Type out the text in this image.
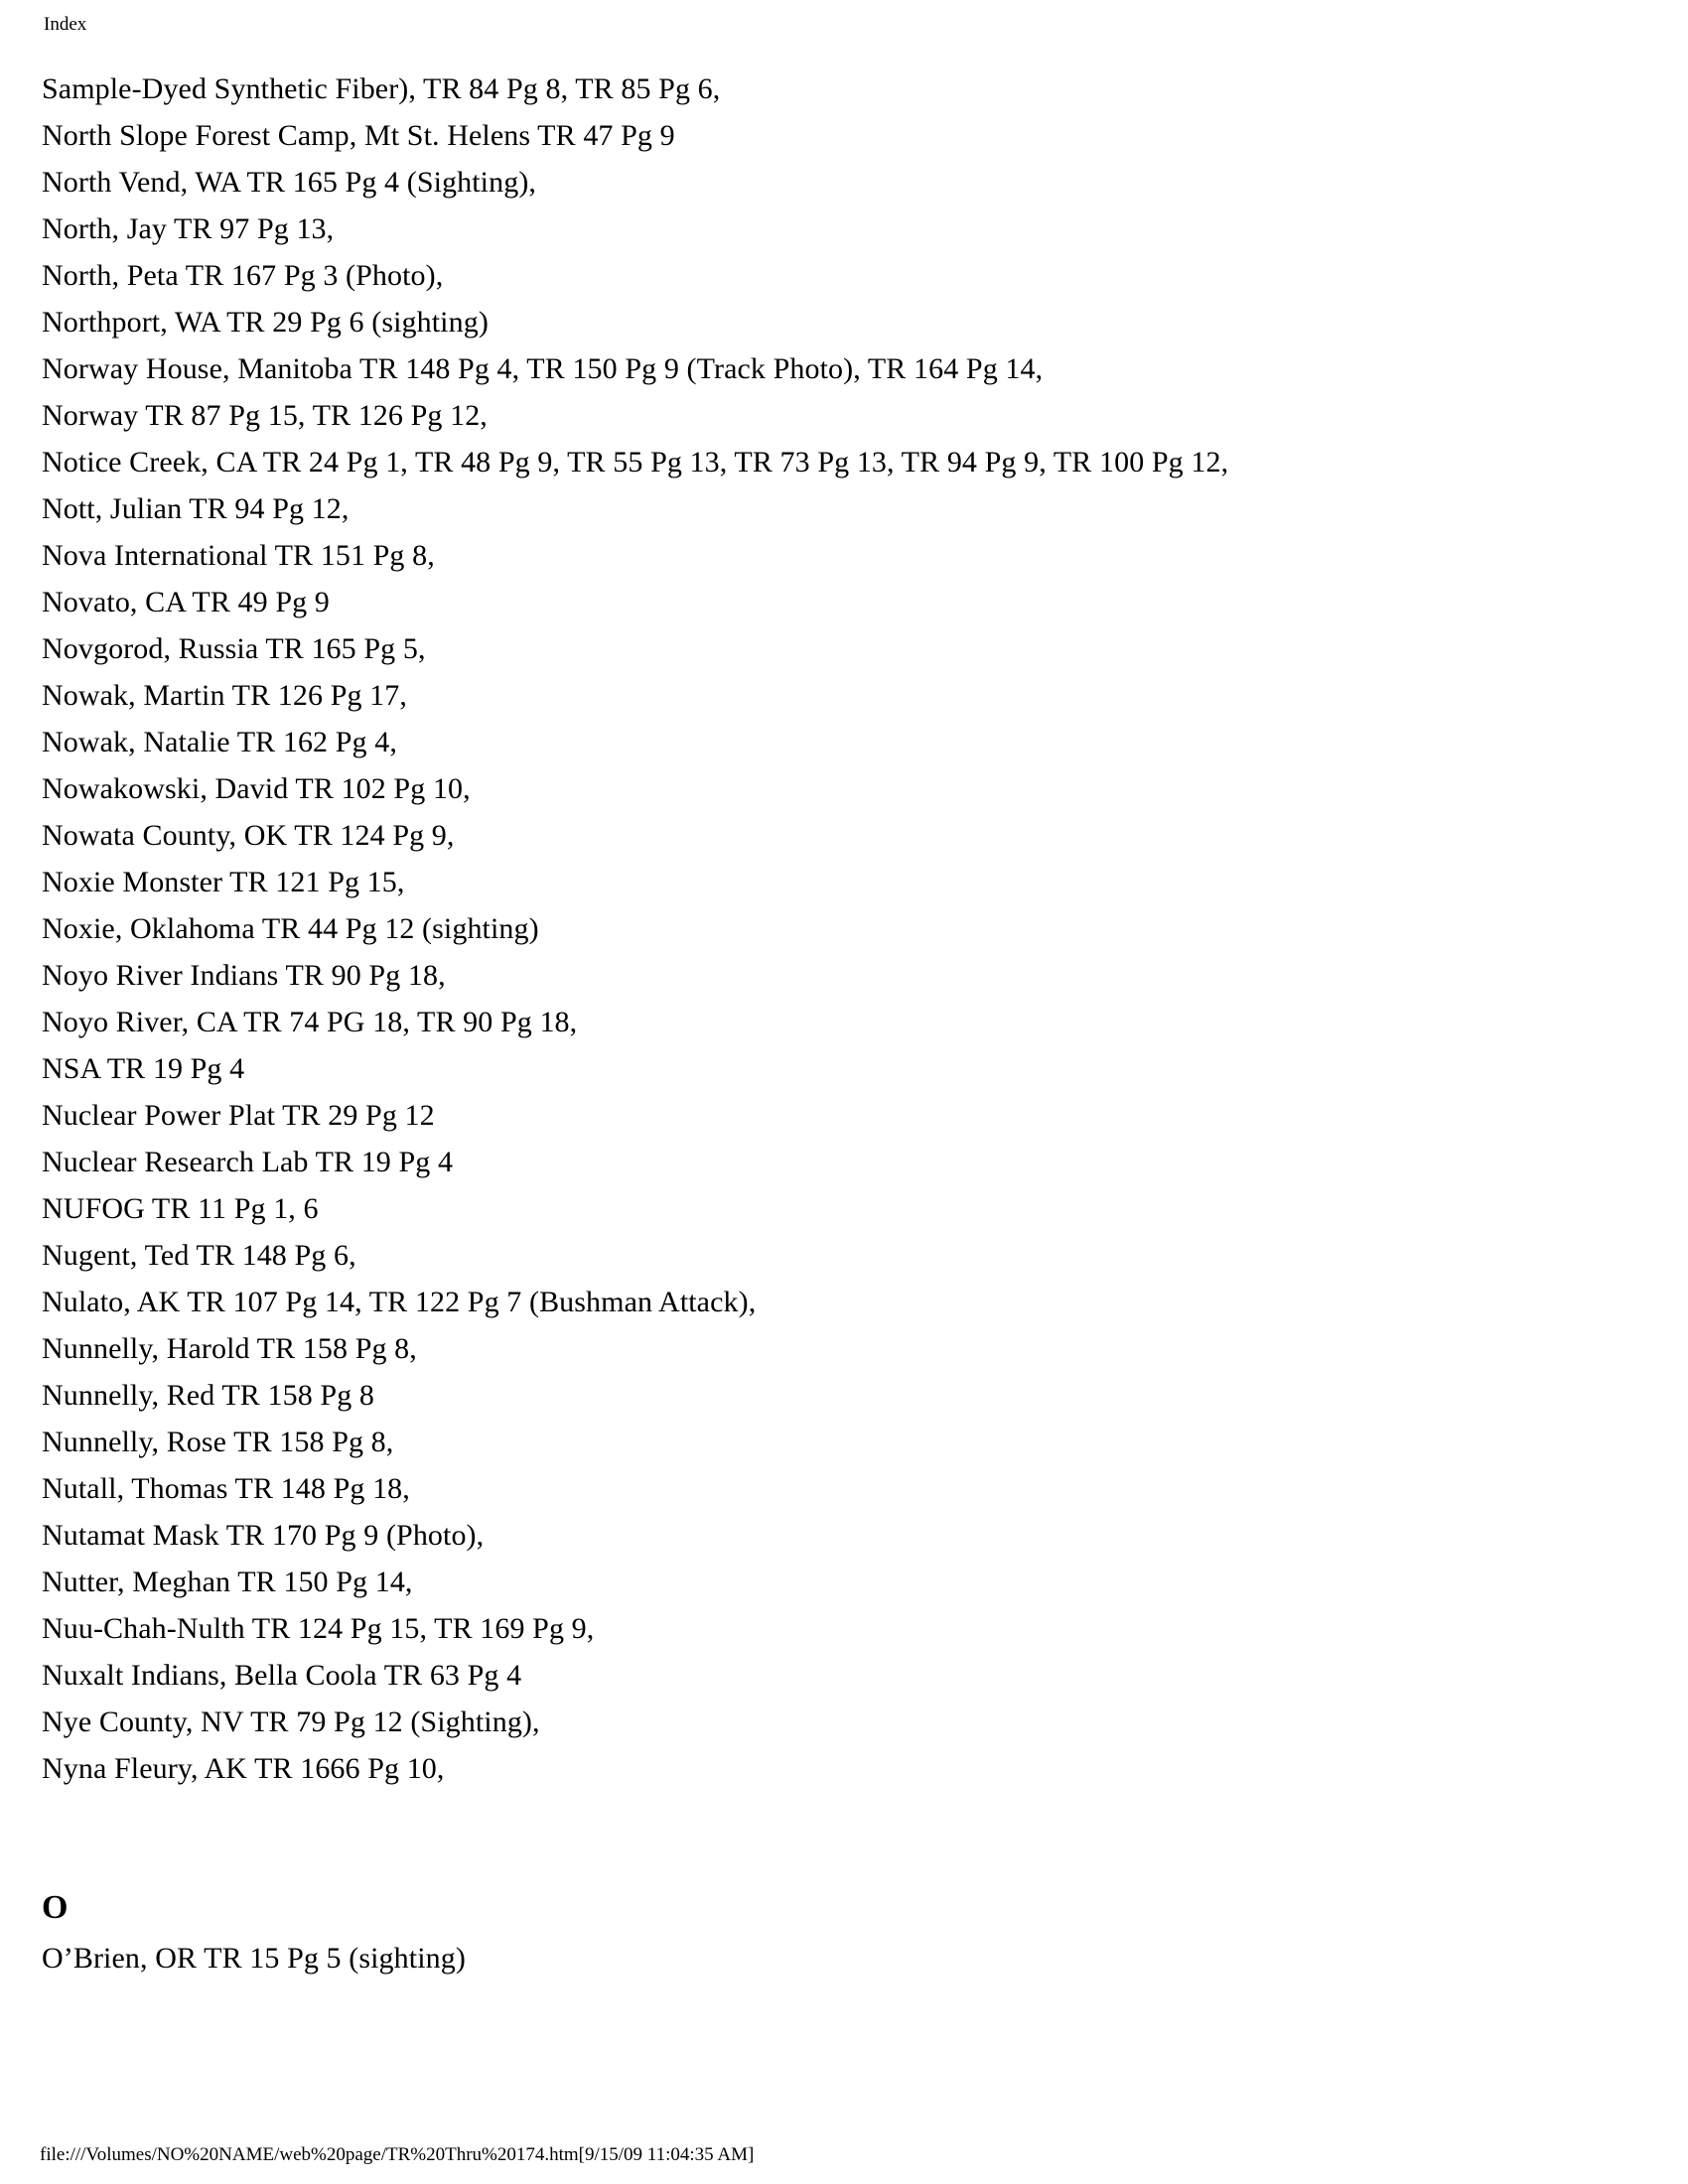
Index
Sample-Dyed Synthetic Fiber), TR 84 Pg 8, TR 85 Pg 6,
North Slope Forest Camp, Mt St. Helens TR 47 Pg 9
North Vend, WA TR 165 Pg 4 (Sighting),
North, Jay TR 97 Pg 13,
North, Peta TR 167 Pg 3 (Photo),
Northport, WA TR 29 Pg 6 (sighting)
Norway House, Manitoba TR 148 Pg 4, TR 150 Pg 9 (Track Photo), TR 164 Pg 14,
Norway TR 87 Pg 15, TR 126 Pg 12,
Notice Creek, CA TR 24 Pg 1, TR 48 Pg 9, TR 55 Pg 13, TR 73 Pg 13, TR 94 Pg 9, TR 100 Pg 12,
Nott, Julian TR 94 Pg 12,
Nova International TR 151 Pg 8,
Novato, CA TR 49 Pg 9
Novgorod, Russia TR 165 Pg 5,
Nowak, Martin TR 126 Pg 17,
Nowak, Natalie TR 162 Pg 4,
Nowakowski, David TR 102 Pg 10,
Nowata County, OK TR 124 Pg 9,
Noxie Monster TR 121 Pg 15,
Noxie, Oklahoma TR 44 Pg 12 (sighting)
Noyo River Indians TR 90 Pg 18,
Noyo River, CA TR 74 PG 18, TR 90 Pg 18,
NSA TR 19 Pg 4
Nuclear Power Plat TR 29 Pg 12
Nuclear Research Lab TR 19 Pg 4
NUFOG TR 11 Pg 1, 6
Nugent, Ted TR 148 Pg 6,
Nulato, AK TR 107 Pg 14, TR 122 Pg 7 (Bushman Attack),
Nunnelly, Harold TR 158 Pg 8,
Nunnelly, Red TR 158 Pg 8
Nunnelly, Rose TR 158 Pg 8,
Nutall, Thomas TR 148 Pg 18,
Nutamat Mask TR 170 Pg 9 (Photo),
Nutter, Meghan TR 150 Pg 14,
Nuu-Chah-Nulth TR 124 Pg 15, TR 169 Pg 9,
Nuxalt Indians, Bella Coola TR 63 Pg 4
Nye County, NV TR 79 Pg 12 (Sighting),
Nyna Fleury, AK TR 1666 Pg 10,
O
O’Brien, OR TR 15 Pg 5 (sighting)
file:///Volumes/NO%20NAME/web%20page/TR%20Thru%20174.htm[9/15/09 11:04:35 AM]
